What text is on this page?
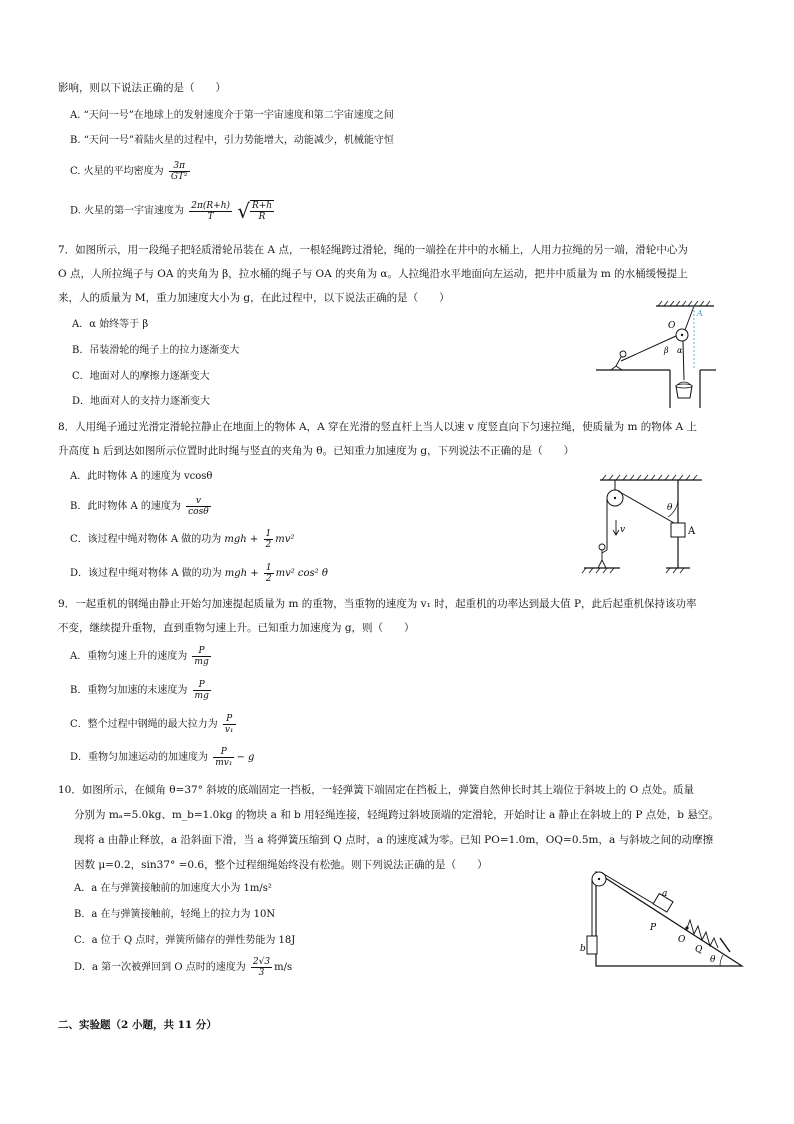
影响，则以下说法正确的是（　　）
A. “天问一号”在地球上的发射速度介于第一宇宙速度和第二宇宙速度之间
B. “天问一号”着陆火星的过程中，引力势能增大，动能减少，机械能守恒
C. 火星的平均密度为 $\frac{3\pi}{\text{GT²}}$
D. 火星的第一宇宙速度为 $\frac{2\pi(R+h)}{T}$ √ $\frac{R+h}{R}$
7．如图所示，用一段绳子把轻质滑轮吊装在 A 点，一根轻绳跨过滑轮，绳的一端拴在井中的水桶上，人用力拉绳的另一端，滑轮中心为
O 点，人所拉绳子与 OA 的夹角为 β，拉水桶的绳子与 OA 的夹角为 α。人拉绳沿水平地面向左运动，把井中质量为 m 的水桶缓慢提上
来，人的质量为 M，重力加速度大小为 g，在此过程中，以下说法正确的是（　　）
A．α 始终等于 β
B．吊装滑轮的绳子上的拉力逐渐变大
C．地面对人的摩擦力逐渐变大
D．地面对人的支持力逐渐变大
O
A
β α
8．人用绳子通过光滑定滑轮拉静止在地面上的物体 A，A 穿在光滑的竖直杆上当人以速 v 度竖直向下匀速拉绳，使质量为 m 的物体 A 上
升高度 h 后到达如图所示位置时此时绳与竖直的夹角为 θ。已知重力加速度为 g，下列说法不正确的是（　　）
A．此时物体 A 的速度为 vcosθ
B．此时物体 A 的速度为 $\frac{v}{\cos\theta}$
C．该过程中绳对物体 A 做的功为 mgh + $\frac{1}{2} mv^2$
D．该过程中绳对物体 A 做的功为 mgh + $\frac{1}{2} mv^2$ cos² θ
v
θ
A
9．一起重机的钢绳由静止开始匀加速提起质量为 m 的重物，当重物的速度为 v₁ 时，起重机的功率达到最大值 P，此后起重机保持该功率
不变，继续提升重物，直到重物匀速上升。已知重力加速度为 g，则（　　）
A．重物匀速上升的速度为 $\frac{P}{mg}$
B．重物匀加速的末速度为 $\frac{P}{mg}$
C．整个过程中钢绳的最大拉力为 $\frac{P}{\text{v₁}}$
D．重物匀加速运动的加速度为 $\frac{P}{\text{mv₁}} - g$
10．如图所示，在倾角 θ=37° 斜坡的底端固定一挡板，一轻弹簧下端固定在挡板上，弹簧自然伸长时其上端位于斜坡上的 O 点处。质量
分别为 mₐ=5.0kg、m_b=1.0kg 的物块 a 和 b 用轻绳连接，轻绳跨过斜坡顶端的定滑轮，开始时让 a 静止在斜坡上的 P 点处，b 悬空。
现将 a 由静止释放，a 沿斜面下滑，当 a 将弹簧压缩到 Q 点时，a 的速度减为零。已知 PO=1.0m，OQ=0.5m，a 与斜坡之间的动摩擦
因数 μ=0.2，sin37° =0.6，整个过程细绳始终没有松弛。则下列说法正确的是（　　）
A．a 在与弹簧接触前的加速度大小为 1m/s²
B．a 在与弹簧接触前，轻绳上的拉力为 10N
C．a 位于 Q 点时，弹簧所储存的弹性势能为 18J
D．a 第一次被弹回到 O 点时的速度为 $\frac{2√3}{3} m/s$
b
a
P
O
Q
θ
二、实验题（2 小题，共 11 分）
